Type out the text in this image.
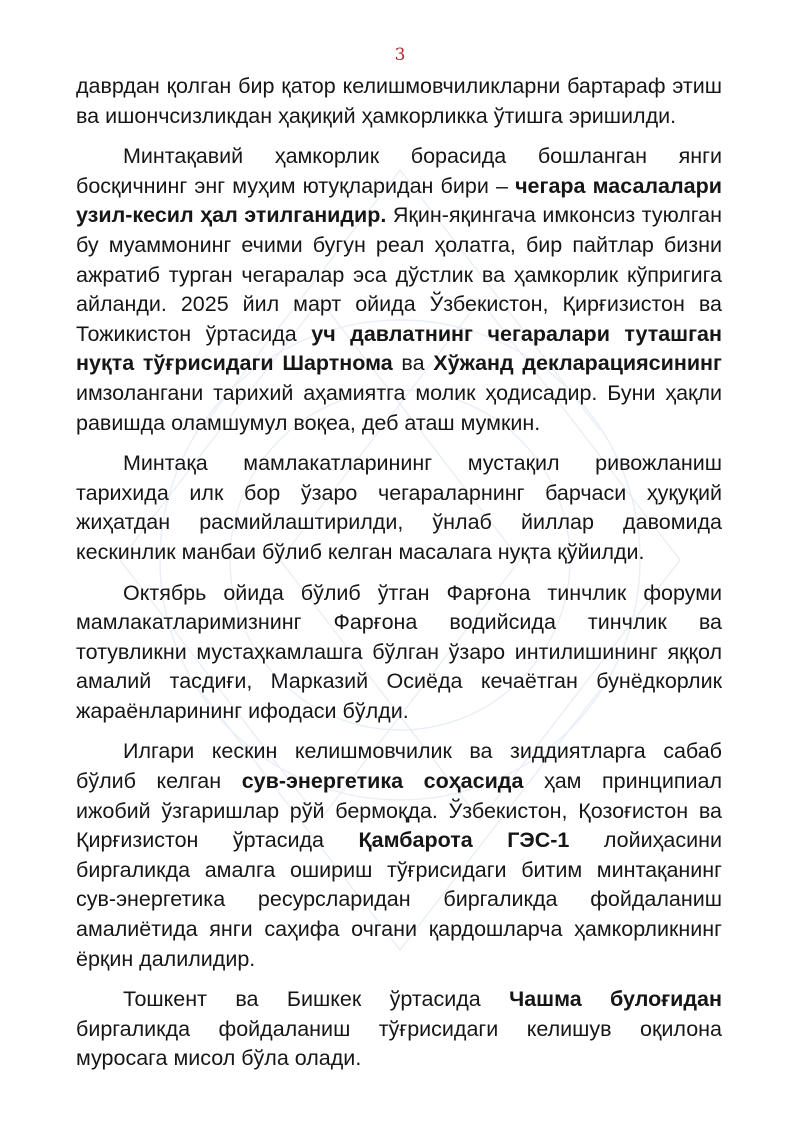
3

даврдан қолган бир қатор келишмовчиликларни бартараф этиш ва ишончсизликдан ҳақиқий ҳамкорликка ўтишга эришилди.

Минтақавий ҳамкорлик борасида бошланган янги босқичнинг энг муҳим ютуқларидан бири – чегара масалалари узил-кесил ҳал этилганидир. Яқин-яқингача имконсиз туюлган бу муаммонинг ечими бугун реал ҳолатга, бир пайтлар бизни ажратиб турган чегаралар эса дўстлик ва ҳамкорлик кўпригига айланди. 2025 йил март ойида Ўзбекистон, Қирғизистон ва Тожикистон ўртасида уч давлатнинг чегаралари туташган нуқта тўғрисидаги Шартнома ва Хўжанд декларациясининг имзолангани тарихий аҳамиятга молик ҳодисадир. Буни ҳақли равишда оламшумул воқеа, деб аташ мумкин.

Минтақа мамлакатларининг мустақил ривожланиш тарихида илк бор ўзаро чегараларнинг барчаси ҳуқуқий жиҳатдан расмийлаштирилди, ўнлаб йиллар давомида кескинлик манбаи бўлиб келган масалага нуқта қўйилди.

Октябрь ойида бўлиб ўтган Фарғона тинчлик форуми мамлакатларимизнинг Фарғона водийсида тинчлик ва тотувликни мустаҳкамлашга бўлган ўзаро интилишининг яққол амалий тасдиғи, Марказий Осиёда кечаётган бунёдкорлик жараёнларининг ифодаси бўлди.

Илгари кескин келишмовчилик ва зиддиятларга сабаб бўлиб келган сув-энергетика соҳасида ҳам принципиал ижобий ўзгаришлар рўй бермоқда. Ўзбекистон, Қозоғистон ва Қирғизистон ўртасида Қамбарота ГЭС-1 лойиҳасини биргаликда амалга ошириш тўғрисидаги битим минтақанинг сув-энергетика ресурсларидан биргаликда фойдаланиш амалиётида янги саҳифа очгани қардошларча ҳамкорликнинг ёрқин далилидир.

Тошкент ва Бишкек ўртасида Чашма булоғидан биргаликда фойдаланиш тўғрисидаги келишув оқилона муросага мисол бўла олади.
